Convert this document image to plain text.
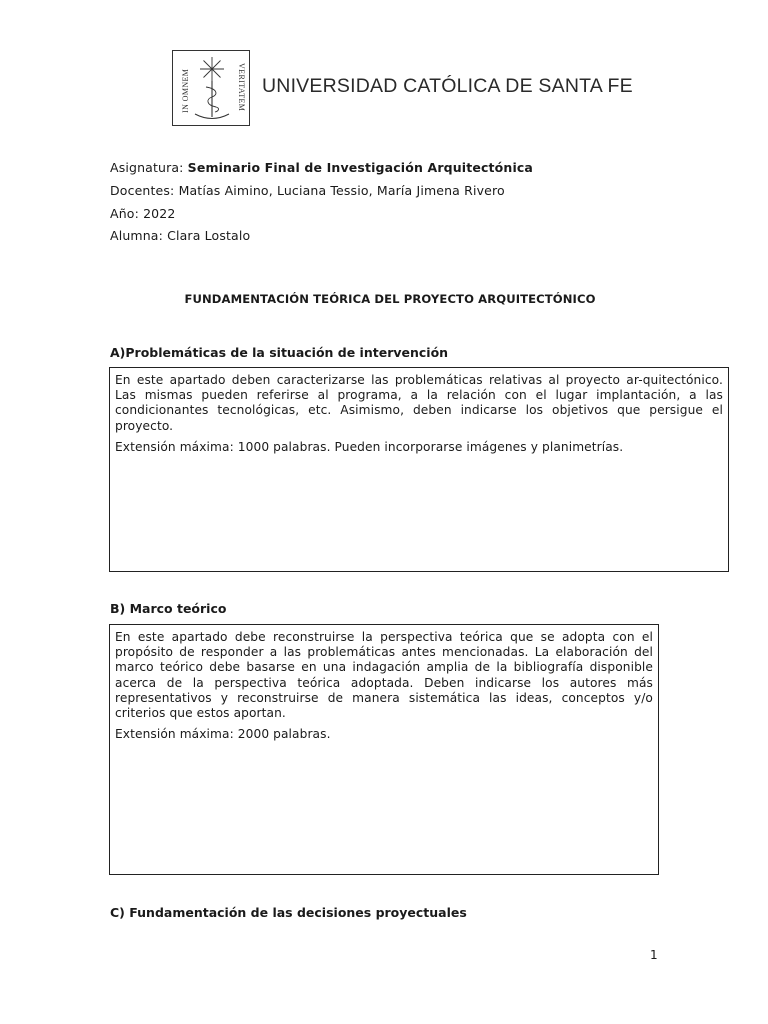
IN OMNEM	VERITATEM UNIVERSIDAD CATÓLICA DE SANTA FE
Asignatura: Seminario Final de Investigación Arquitectónica
Docentes: Matías Aimino, Luciana Tessio, María Jimena Rivero
Año: 2022
Alumna: Clara Lostalo
FUNDAMENTACIÓN TEÓRICA DEL PROYECTO ARQUITECTÓNICO
A)Problemáticas de la situación de intervención

En este apartado deben caracterizarse las problemáticas relativas al proyecto ar-quitectónico. Las mismas pueden referirse al programa, a la relación con el lugar implantación, a las condicionantes tecnológicas, etc. Asimismo, deben indicarse los objetivos que persigue el proyecto.

Extensión máxima: 1000 palabras. Pueden incorporarse imágenes y planimetrías.

B) Marco teórico

En este apartado debe reconstruirse la perspectiva teórica que se adopta con el propósito de responder a las problemáticas antes mencionadas. La elaboración del marco teórico debe basarse en una indagación amplia de la bibliografía disponible acerca de la perspectiva teórica adoptada. Deben indicarse los autores más representativos y reconstruirse de manera sistemática las ideas, conceptos y/o criterios que estos aportan.

Extensión máxima: 2000 palabras.

C) Fundamentación de las decisiones proyectuales
1
